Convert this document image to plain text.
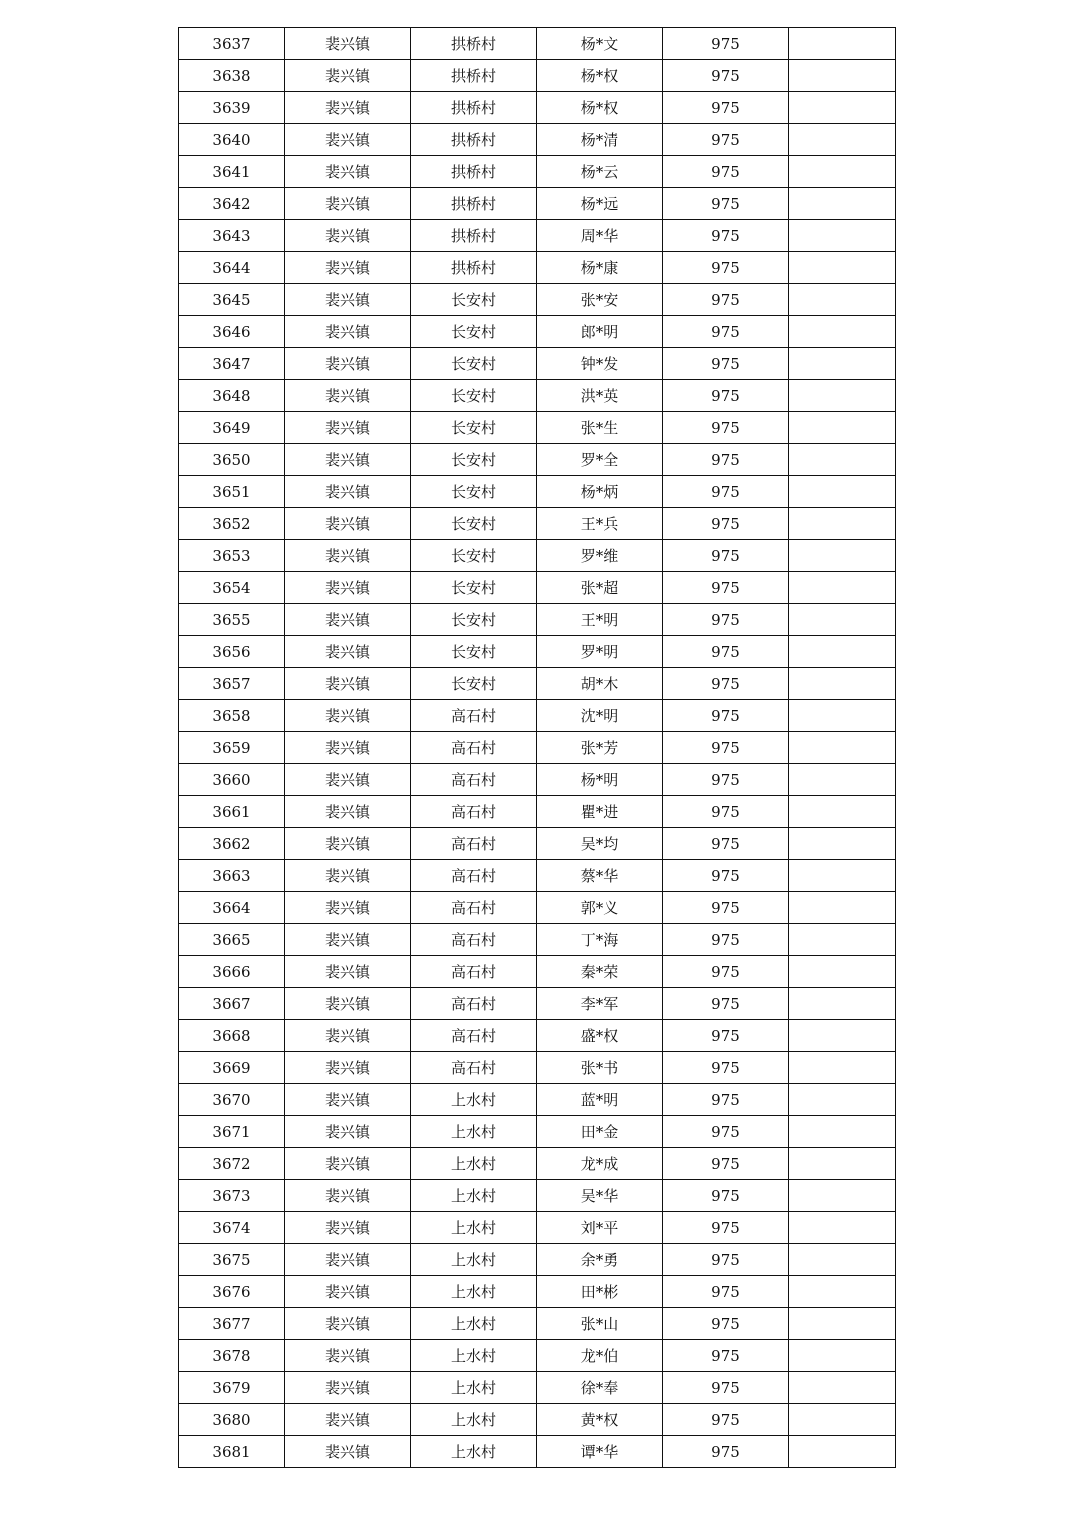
3637	裴兴镇	拱桥村	杨*文	975	
3638	裴兴镇	拱桥村	杨*权	975	
3639	裴兴镇	拱桥村	杨*权	975	
3640	裴兴镇	拱桥村	杨*清	975	
3641	裴兴镇	拱桥村	杨*云	975	
3642	裴兴镇	拱桥村	杨*远	975	
3643	裴兴镇	拱桥村	周*华	975	
3644	裴兴镇	拱桥村	杨*康	975	
3645	裴兴镇	长安村	张*安	975	
3646	裴兴镇	长安村	郎*明	975	
3647	裴兴镇	长安村	钟*发	975	
3648	裴兴镇	长安村	洪*英	975	
3649	裴兴镇	长安村	张*生	975	
3650	裴兴镇	长安村	罗*全	975	
3651	裴兴镇	长安村	杨*炳	975	
3652	裴兴镇	长安村	王*兵	975	
3653	裴兴镇	长安村	罗*维	975	
3654	裴兴镇	长安村	张*超	975	
3655	裴兴镇	长安村	王*明	975	
3656	裴兴镇	长安村	罗*明	975	
3657	裴兴镇	长安村	胡*木	975	
3658	裴兴镇	高石村	沈*明	975	
3659	裴兴镇	高石村	张*芳	975	
3660	裴兴镇	高石村	杨*明	975	
3661	裴兴镇	高石村	瞿*进	975	
3662	裴兴镇	高石村	吴*均	975	
3663	裴兴镇	高石村	蔡*华	975	
3664	裴兴镇	高石村	郭*义	975	
3665	裴兴镇	高石村	丁*海	975	
3666	裴兴镇	高石村	秦*荣	975	
3667	裴兴镇	高石村	李*军	975	
3668	裴兴镇	高石村	盛*权	975	
3669	裴兴镇	高石村	张*书	975	
3670	裴兴镇	上水村	蓝*明	975	
3671	裴兴镇	上水村	田*金	975	
3672	裴兴镇	上水村	龙*成	975	
3673	裴兴镇	上水村	吴*华	975	
3674	裴兴镇	上水村	刘*平	975	
3675	裴兴镇	上水村	余*勇	975	
3676	裴兴镇	上水村	田*彬	975	
3677	裴兴镇	上水村	张*山	975	
3678	裴兴镇	上水村	龙*伯	975	
3679	裴兴镇	上水村	徐*奉	975	
3680	裴兴镇	上水村	黄*权	975	
3681	裴兴镇	上水村	谭*华	975	
